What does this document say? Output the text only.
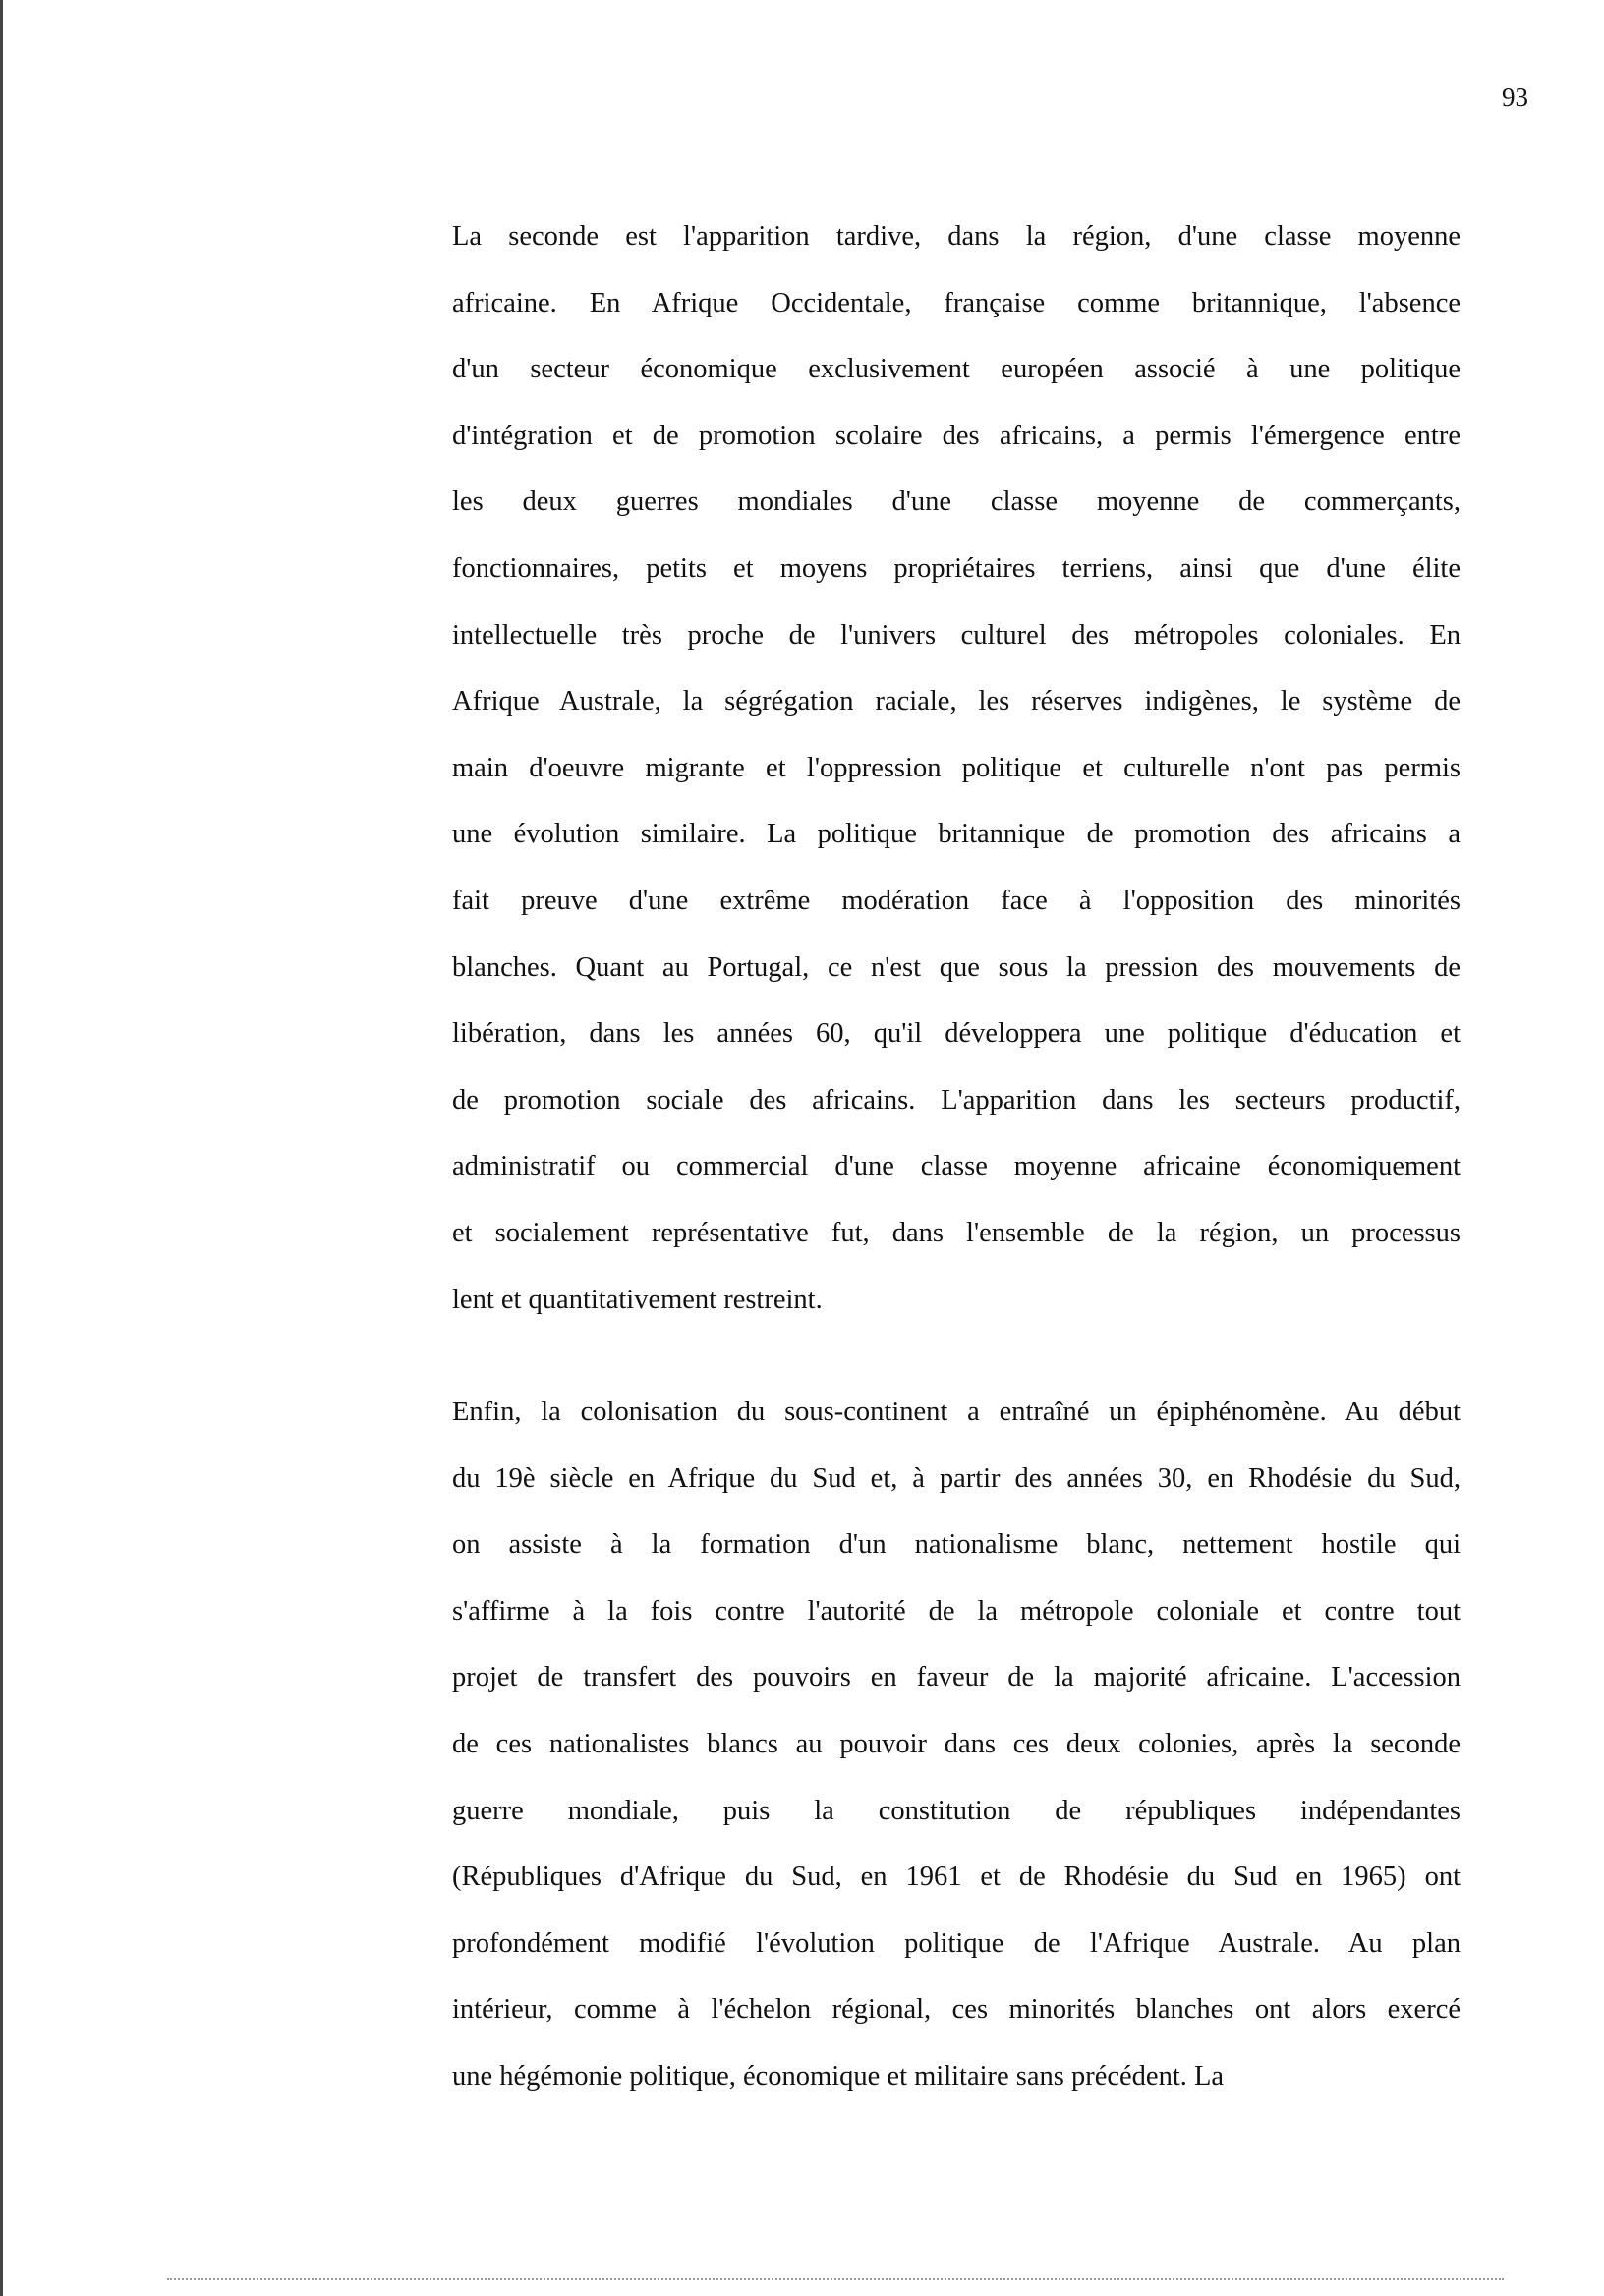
93
La seconde est l'apparition tardive, dans la région, d'une classe moyenne
africaine. En Afrique Occidentale, française comme britannique, l'absence
d'un secteur économique exclusivement européen associé à une politique
d'intégration et de promotion scolaire des africains, a permis l'émergence entre
les deux guerres mondiales d'une classe moyenne de commerçants,
fonctionnaires, petits et moyens propriétaires terriens, ainsi que d'une élite
intellectuelle très proche de l'univers culturel des métropoles coloniales. En
Afrique Australe, la ségrégation raciale, les réserves indigènes, le système de
main d'oeuvre migrante et l'oppression politique et culturelle n'ont pas permis
une évolution similaire. La politique britannique de promotion des africains a
fait preuve d'une extrême modération face à l'opposition des minorités
blanches. Quant au Portugal, ce n'est que sous la pression des mouvements de
libération, dans les années 60, qu'il développera une politique d'éducation et
de promotion sociale des africains. L'apparition dans les secteurs productif,
administratif ou commercial d'une classe moyenne africaine économiquement
et socialement représentative fut, dans l'ensemble de la région, un processus
lent et quantitativement restreint.
Enfin, la colonisation du sous-continent a entraîné un épiphénomène. Au début
du 19è siècle en Afrique du Sud et, à partir des années 30, en Rhodésie du Sud,
on assiste à la formation d'un nationalisme blanc, nettement hostile qui
s'affirme à la fois contre l'autorité de la métropole coloniale et contre tout
projet de transfert des pouvoirs en faveur de la majorité africaine. L'accession
de ces nationalistes blancs au pouvoir dans ces deux colonies, après la seconde
guerre mondiale, puis la constitution de républiques indépendantes
(Républiques d'Afrique du Sud, en 1961 et de Rhodésie du Sud en 1965) ont
profondément modifié l'évolution politique de l'Afrique Australe. Au plan
intérieur, comme à l'échelon régional, ces minorités blanches ont alors exercé
une hégémonie politique, économique et militaire sans précédent. La
